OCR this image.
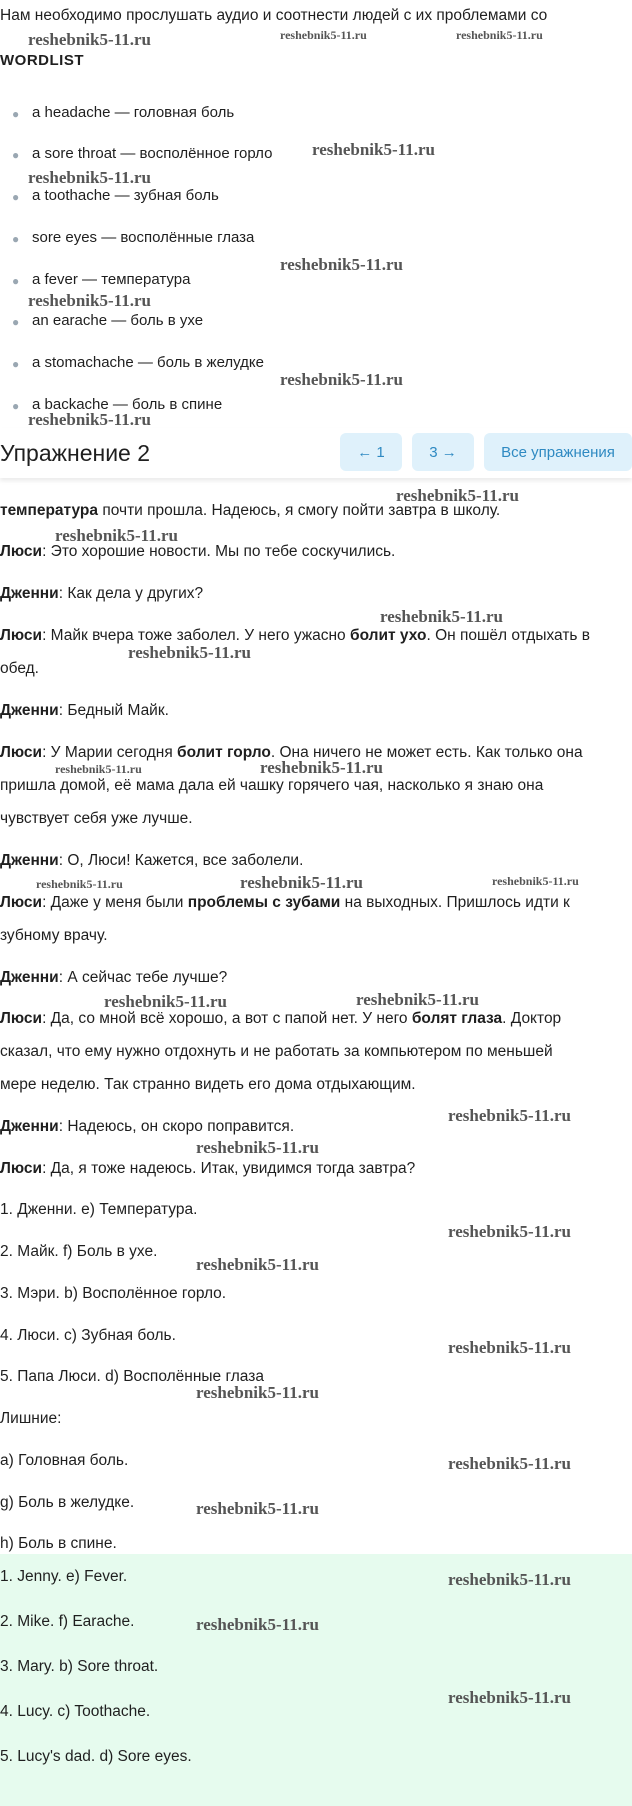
Нам необходимо прослушать аудио и соотнести людей с их проблемами со
WORDLIST
● a headache — головная боль
● a sore throat — восполённое горло
● a toothache — зубная боль
● sore eyes — восполённые глаза
● a fever — температура
● an earache — боль в ухе
● a stomachache — боль в желудке
● a backache — боль в спине
Упражнение 2	← 1	3 →	Все упражнения
температура почти прошла. Надеюсь, я смогу пойти завтра в школу.
Люси: Это хорошие новости. Мы по тебе соскучились.
Дженни: Как дела у других?
Люси: Майк вчера тоже заболел. У него ужасно болит ухо. Он пошёл отдыхать в
обед.
Дженни: Бедный Майк.
Люси: У Марии сегодня болит горло. Она ничего не может есть. Как только она
пришла домой, её мама дала ей чашку горячего чая, насколько я знаю она
чувствует себя уже лучше.
Дженни: О, Люси! Кажется, все заболели.
Люси: Даже у меня были проблемы с зубами на выходных. Пришлось идти к
зубному врачу.
Дженни: А сейчас тебе лучше?
Люси: Да, со мной всё хорошо, а вот с папой нет. У него болят глаза. Доктор
сказал, что ему нужно отдохнуть и не работать за компьютером по меньшей
мере неделю. Так странно видеть его дома отдыхающим.
Дженни: Надеюсь, он скоро поправится.
Люси: Да, я тоже надеюсь. Итак, увидимся тогда завтра?
1. Дженни. e) Температура.
2. Майк. f) Боль в ухе.
3. Мэри. b) Восполённое горло.
4. Люси. c) Зубная боль.
5. Папа Люси. d) Восполённые глаза
Лишние:
a) Головная боль.
g) Боль в желудке.
h) Боль в спине.
1. Jenny. e) Fever.
2. Mike. f) Earache.
3. Mary. b) Sore throat.
4. Lucy. c) Toothache.
5. Lucy's dad. d) Sore eyes.
reshebnik5-11.ru	reshebnik5-11.ru	reshebnik5-11.ru
reshebnik5-11.ru
reshebnik5-11.ru
reshebnik5-11.ru
reshebnik5-11.ru
reshebnik5-11.ru
reshebnik5-11.ru
reshebnik5-11.ru
reshebnik5-11.ru
reshebnik5-11.ru
reshebnik5-11.ru
reshebnik5-11.ru	reshebnik5-11.ru
reshebnik5-11.ru	reshebnik5-11.ru	reshebnik5-11.ru
reshebnik5-11.ru	reshebnik5-11.ru
reshebnik5-11.ru
reshebnik5-11.ru
reshebnik5-11.ru
reshebnik5-11.ru
reshebnik5-11.ru
reshebnik5-11.ru
reshebnik5-11.ru
reshebnik5-11.ru
reshebnik5-11.ru
reshebnik5-11.ru
reshebnik5-11.ru
